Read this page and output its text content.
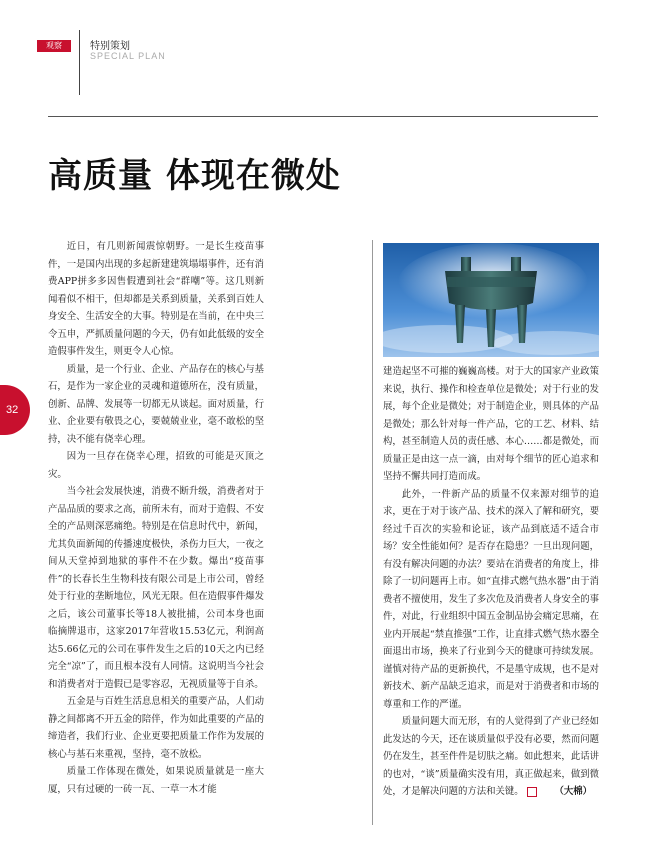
观察	特别策划
SPECIAL PLAN
高质量 体现在微处
32

近日，有几则新闻震惊朝野。一是长生疫苗事件，一是国内出现的多起新建建筑塌塌事件，还有消费APP拼多多因售假遭到社会“群嘲”等。这几则新闻看似不相干，但却都是关系到质量，关系到百姓人身安全、生活安全的大事。特别是在当前，在中央三令五申，严抓质量问题的今天，仍有如此低级的安全造假事件发生，则更令人心惊。

质量，是一个行业、企业、产品存在的核心与基石，是作为一家企业的灵魂和道德所在，没有质量，创新、品牌、发展等一切都无从谈起。面对质量，行业、企业要有敬畏之心，要兢兢业业，毫不敢松的坚持，决不能有侥幸心理。

因为一旦存在侥幸心理，招致的可能是灭顶之灾。

当今社会发展快速，消费不断升级，消费者对于产品品质的要求之高，前所未有，而对于造假、不安全的产品则深恶痛绝。特别是在信息时代中，新闻，尤其负面新闻的传播速度极快，杀伤力巨大，一夜之间从天堂掉到地狱的事件不在少数。爆出“疫苗事件”的长春长生生物科技有限公司是上市公司，曾经处于行业的垄断地位，风光无限。但在造假事件爆发之后，该公司董事长等18人被批捕，公司本身也面临摘牌退市，这家2017年营收15.53亿元，利润高达5.66亿元的公司在事件发生之后的10天之内已经完全“凉”了，而且根本没有人同情。这说明当今社会和消费者对于造假已是零容忍，无视质量等于自杀。

五金是与百姓生活息息相关的重要产品，人们动静之间都离不开五金的陪伴，作为如此重要的产品的缔造者，我们行业、企业更要把质量工作作为发展的核心与基石来重视，坚持，毫不放松。

质量工作体现在微处，如果说质量就是一座大厦，只有过硬的一砖一瓦、一草一木才能

建造起坚不可摧的巍巍高楼。对于大的国家产业政策来说，执行、操作和检查单位是微处；对于行业的发展，每个企业是微处；对于制造企业，则具体的产品是微处；那么针对每一件产品，它的工艺、材料、结构，甚至制造人员的责任感、本心……都是微处，而质量正是由这一点一滴，由对每个细节的匠心追求和坚持不懈共同打造而成。

此外，一件新产品的质量不仅来源对细节的追求，更在于对于该产品、技术的深入了解和研究，要经过千百次的实验和论证，该产品到底适不适合市场？安全性能如何？是否存在隐患？一旦出现问题，有没有解决问题的办法？要站在消费者的角度上，排除了一切问题再上市。如“直排式燃气热水器”由于消费者不擅使用，发生了多次危及消费者人身安全的事件，对此，行业组织中国五金制品协会痛定思痛，在业内开展起“禁直推强”工作，让直排式燃气热水器全面退出市场，换来了行业到今天的健康可持续发展。谨慎对待产品的更新换代，不是墨守成规，也不是对新技术、新产品缺乏追求，而是对于消费者和市场的尊重和工作的严谨。

质量问题大而无形，有的人觉得到了产业已经如此发达的今天，还在谈质量似乎没有必要，然而问题仍在发生，甚至件件是切肤之痛。如此想来，此话讲的也对，“谈”质量确实没有用，真正做起来，做到微处，才是解决问题的方法和关键。	（大棉）
